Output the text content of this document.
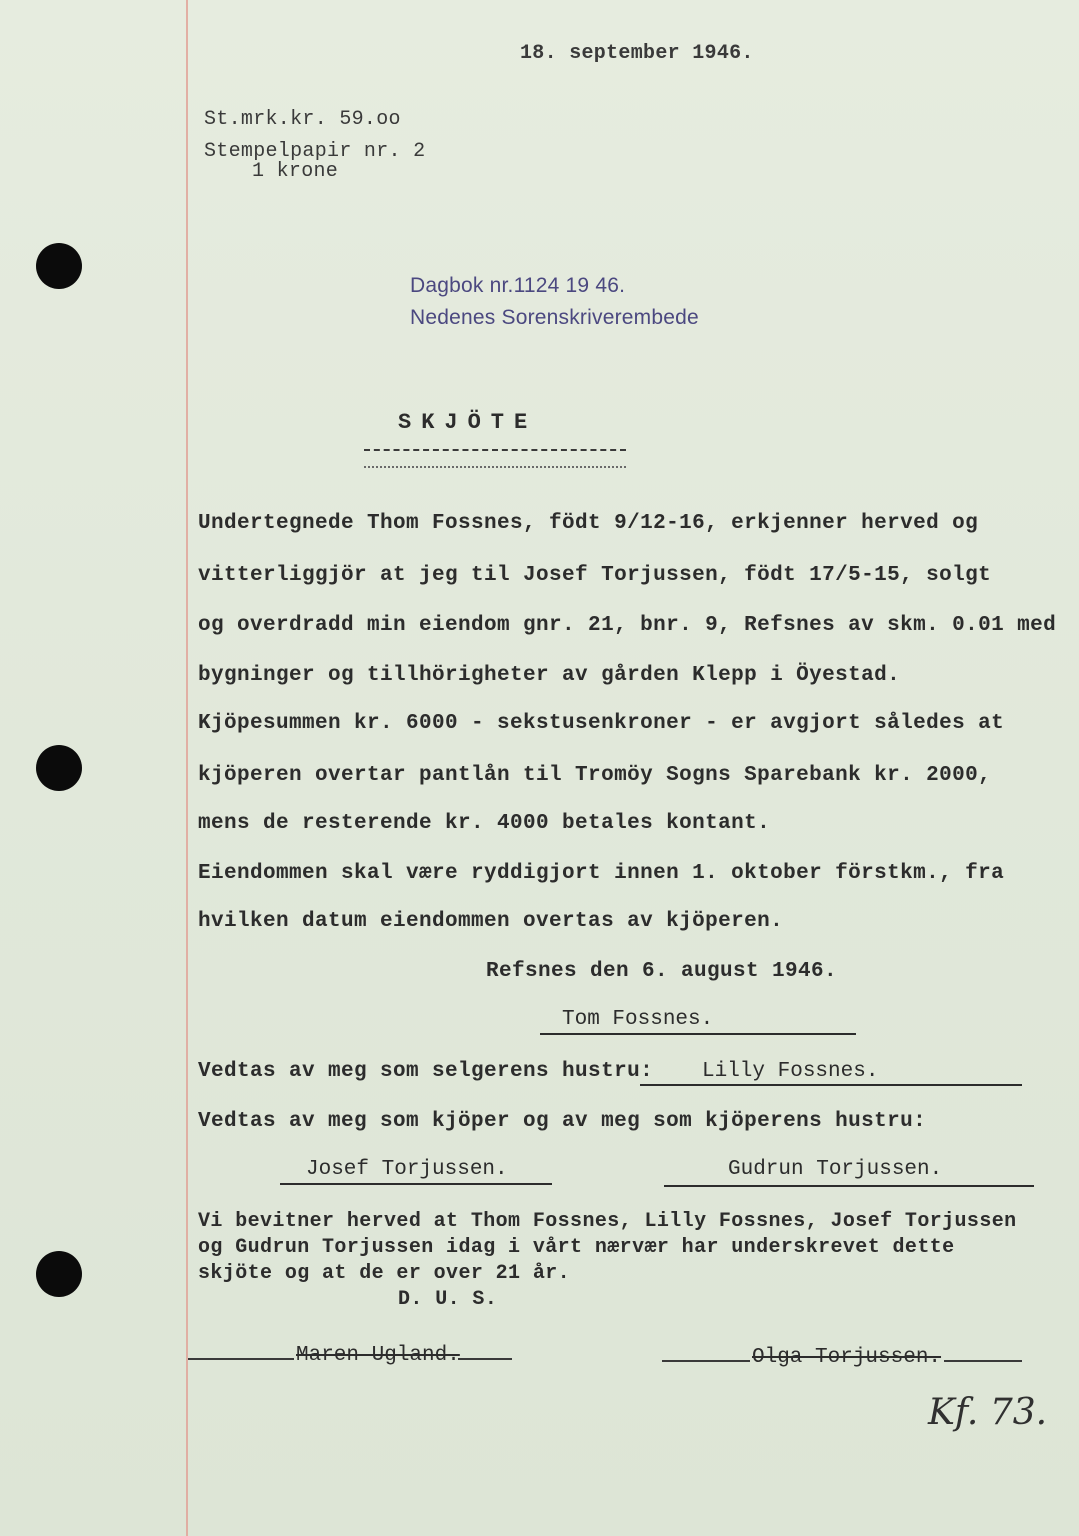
18. september 1946.
St.mrk.kr. 59.oo
Stempelpapir nr. 2
1 krone
Dagbok nr.1124 19 46.
Nedenes Sorenskriverembede
SKJÖTE
Undertegnede Thom Fossnes, födt 9/12-16, erkjenner herved og
vitterliggjör at jeg til Josef Torjussen, födt 17/5-15, solgt
og overdradd min eiendom gnr. 21, bnr. 9, Refsnes av skm. 0.01 med
bygninger og tillhörigheter av gården Klepp i Öyestad.
Kjöpesummen kr. 6000 - sekstusenkroner - er avgjort således at
kjöperen overtar pantlån til Tromöy Sogns Sparebank kr. 2000,
mens de resterende kr. 4000 betales kontant.
Eiendommen skal være ryddigjort innen 1. oktober förstkm., fra
hvilken datum eiendommen overtas av kjöperen.
Refsnes den 6. august 1946.
Tom Fossnes.
Vedtas av meg som selgerens hustru: Lilly Fossnes.
Vedtas av meg som kjöper og av meg som kjöperens hustru:
Josef Torjussen.	Gudrun Torjussen.
Vi bevitner herved at Thom Fossnes, Lilly Fossnes, Josef Torjussen
og Gudrun Torjussen idag i vårt nærvær har underskrevet dette
skjöte og at de er over 21 år.
D. U. S.
Maren Ugland.	Olga Torjussen.
Kf. 73.
